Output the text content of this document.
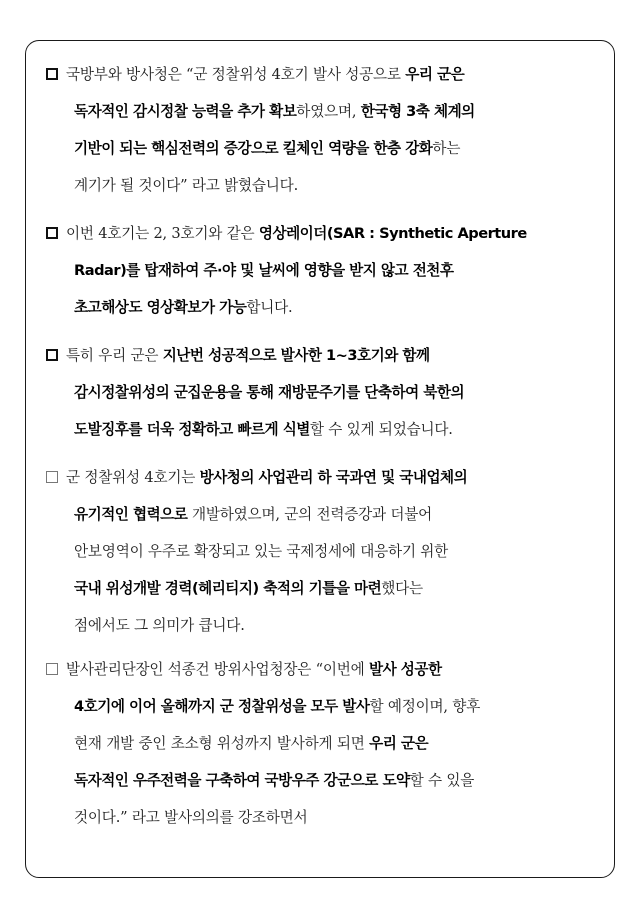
국방부와 방사청은 “군 정찰위성 4호기 발사 성공으로 우리 군은
독자적인 감시정찰 능력을 추가 확보하였으며, 한국형 3축 체계의
기반이 되는 핵심전력의 증강으로 킬체인 역량을 한층 강화하는
계기가 될 것이다” 라고 밝혔습니다.
이번 4호기는 2, 3호기와 같은 영상레이더(SAR : Synthetic Aperture
Radar)를 탑재하여 주·야 및 날씨에 영향을 받지 않고 전천후
초고해상도 영상확보가 가능합니다.
특히 우리 군은 지난번 성공적으로 발사한 1~3호기와 함께
감시정찰위성의 군집운용을 통해 재방문주기를 단축하여 북한의
도발징후를 더욱 정확하고 빠르게 식별할 수 있게 되었습니다.
군 정찰위성 4호기는 방사청의 사업관리 하 국과연 및 국내업체의
유기적인 협력으로 개발하였으며, 군의 전력증강과 더불어
안보영역이 우주로 확장되고 있는 국제정세에 대응하기 위한
국내 위성개발 경력(헤리티지) 축적의 기틀을 마련했다는
점에서도 그 의미가 큽니다.
발사관리단장인 석종건 방위사업청장은 “이번에 발사 성공한
4호기에 이어 올해까지 군 정찰위성을 모두 발사할 예정이며, 향후
현재 개발 중인 초소형 위성까지 발사하게 되면 우리 군은
독자적인 우주전력을 구축하여 국방우주 강군으로 도약할 수 있을
것이다.” 라고 발사의의를 강조하면서
